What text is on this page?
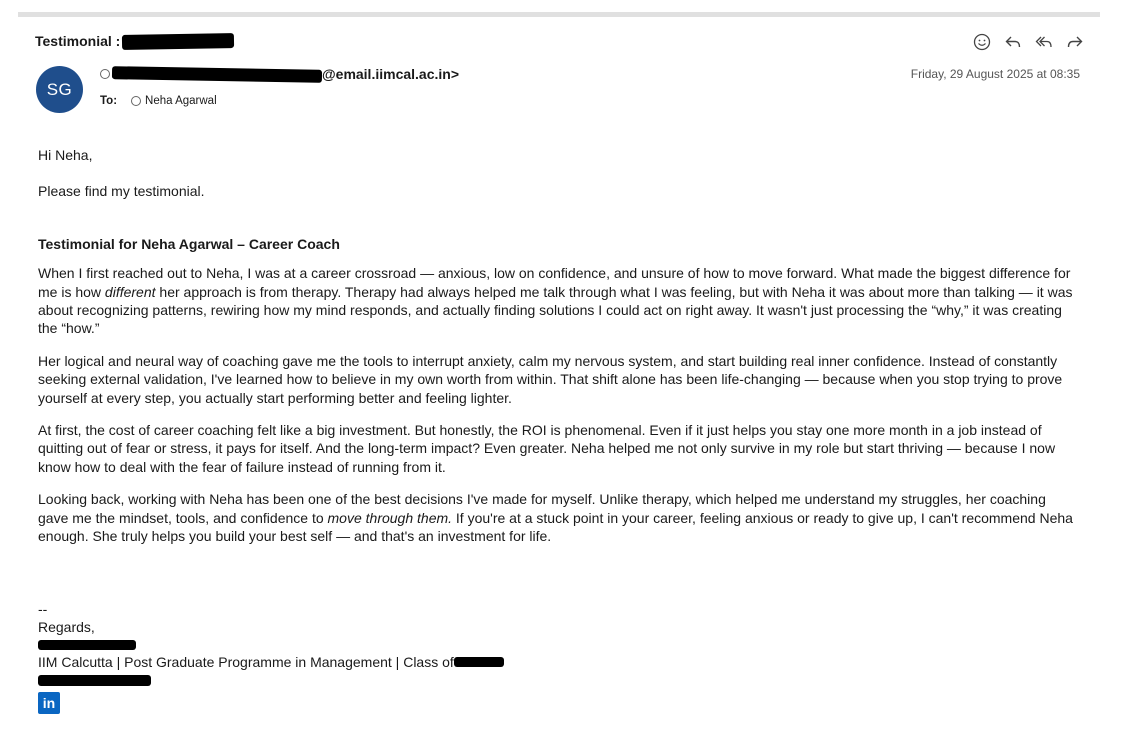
Testimonial :
SG
@email.iimcal.ac.in>
To: Neha Agarwal
Friday, 29 August 2025 at 08:35

Hi Neha,

Please find my testimonial.

Testimonial for Neha Agarwal – Career Coach

When I first reached out to Neha, I was at a career crossroad — anxious, low on confidence, and unsure of how to move forward. What made the biggest difference for me is how different her approach is from therapy. Therapy had always helped me talk through what I was feeling, but with Neha it was about more than talking — it was about recognizing patterns, rewiring how my mind responds, and actually finding solutions I could act on right away. It wasn't just processing the “why,” it was creating the “how.”

Her logical and neural way of coaching gave me the tools to interrupt anxiety, calm my nervous system, and start building real inner confidence. Instead of constantly seeking external validation, I've learned how to believe in my own worth from within. That shift alone has been life-changing — because when you stop trying to prove yourself at every step, you actually start performing better and feeling lighter.

At first, the cost of career coaching felt like a big investment. But honestly, the ROI is phenomenal. Even if it just helps you stay one more month in a job instead of quitting out of fear or stress, it pays for itself. And the long-term impact? Even greater. Neha helped me not only survive in my role but start thriving — because I now know how to deal with the fear of failure instead of running from it.

Looking back, working with Neha has been one of the best decisions I've made for myself. Unlike therapy, which helped me understand my struggles, her coaching gave me the mindset, tools, and confidence to move through them. If you're at a stuck point in your career, feeling anxious or ready to give up, I can't recommend Neha enough. She truly helps you build your best self — and that's an investment for life.

--
Regards,
IIM Calcutta | Post Graduate Programme in Management | Class of
in
